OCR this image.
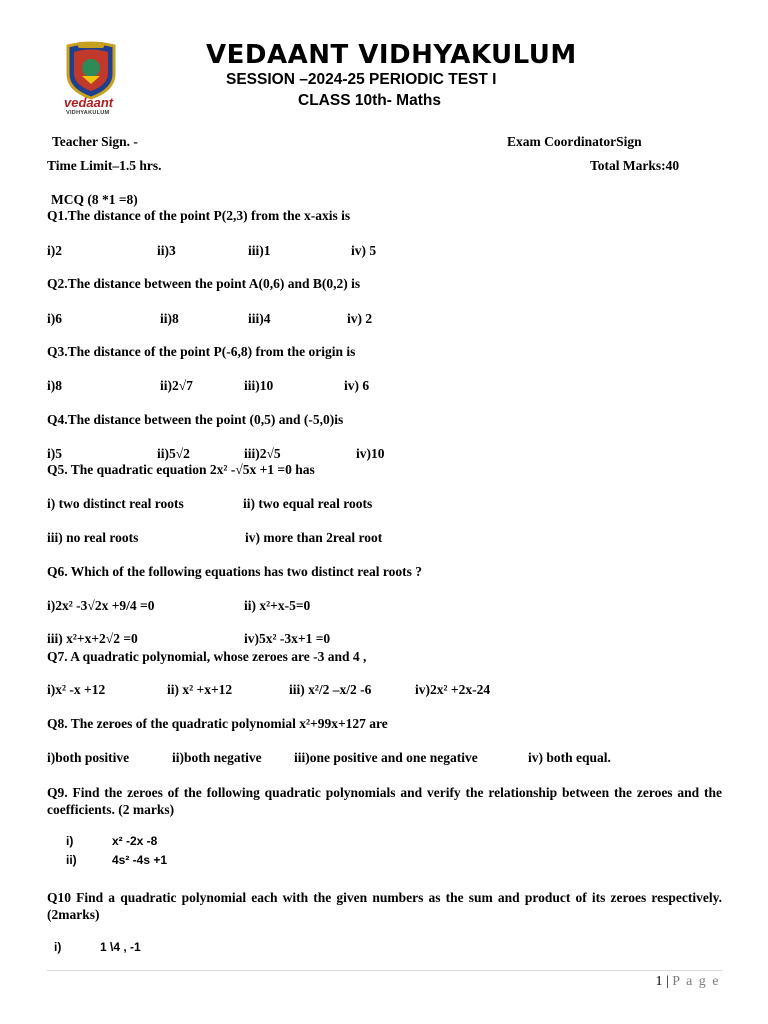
vedaant
VIDHYAKULUM
VEDAANT VIDHYAKULUM
SESSION –2024-25 PERIODIC TEST I
CLASS 10th- Maths
Teacher Sign. -	Exam CoordinatorSign
Time Limit–1.5 hrs.	Total Marks:40
MCQ (8 *1 =8)
Q1.The distance of the point P(2,3) from the x-axis is
i)2	ii)3	iii)1	iv) 5
Q2.The distance between the point A(0,6) and B(0,2) is
i)6	ii)8	iii)4	iv) 2
Q3.The distance of the point P(-6,8) from the origin is
i)8	ii)2√7	iii)10	iv) 6
Q4.The distance between the point (0,5) and (-5,0)is
i)5	ii)5√2	iii)2√5	iv)10
Q5. The quadratic equation 2x² -√5x +1 =0 has
i) two distinct real roots	ii) two equal real roots
iii) no real roots	iv) more than 2real root
Q6. Which of the following equations has two distinct real roots ?
i)2x² -3√2x +9/4 =0	ii) x²+x-5=0
iii) x²+x+2√2 =0	iv)5x² -3x+1 =0
Q7. A quadratic polynomial, whose zeroes are -3 and 4 ,
i)x² -x +12	ii) x² +x+12	iii) x²/2 –x/2 -6	iv)2x² +2x-24
Q8. The zeroes of the quadratic polynomial x²+99x+127 are
i)both positive	ii)both negative iii)one positive and one negative	iv) both equal.
Q9. Find the zeroes of the following quadratic polynomials and verify the relationship between the zeroes and the coefficients. (2 marks)
i)	x² -2x -8
ii)	4s² -4s +1
Q10 Find a quadratic polynomial each with the given numbers as the sum and product of its zeroes respectively. (2marks)
i)	1 \4 , -1
1 | P a g e
